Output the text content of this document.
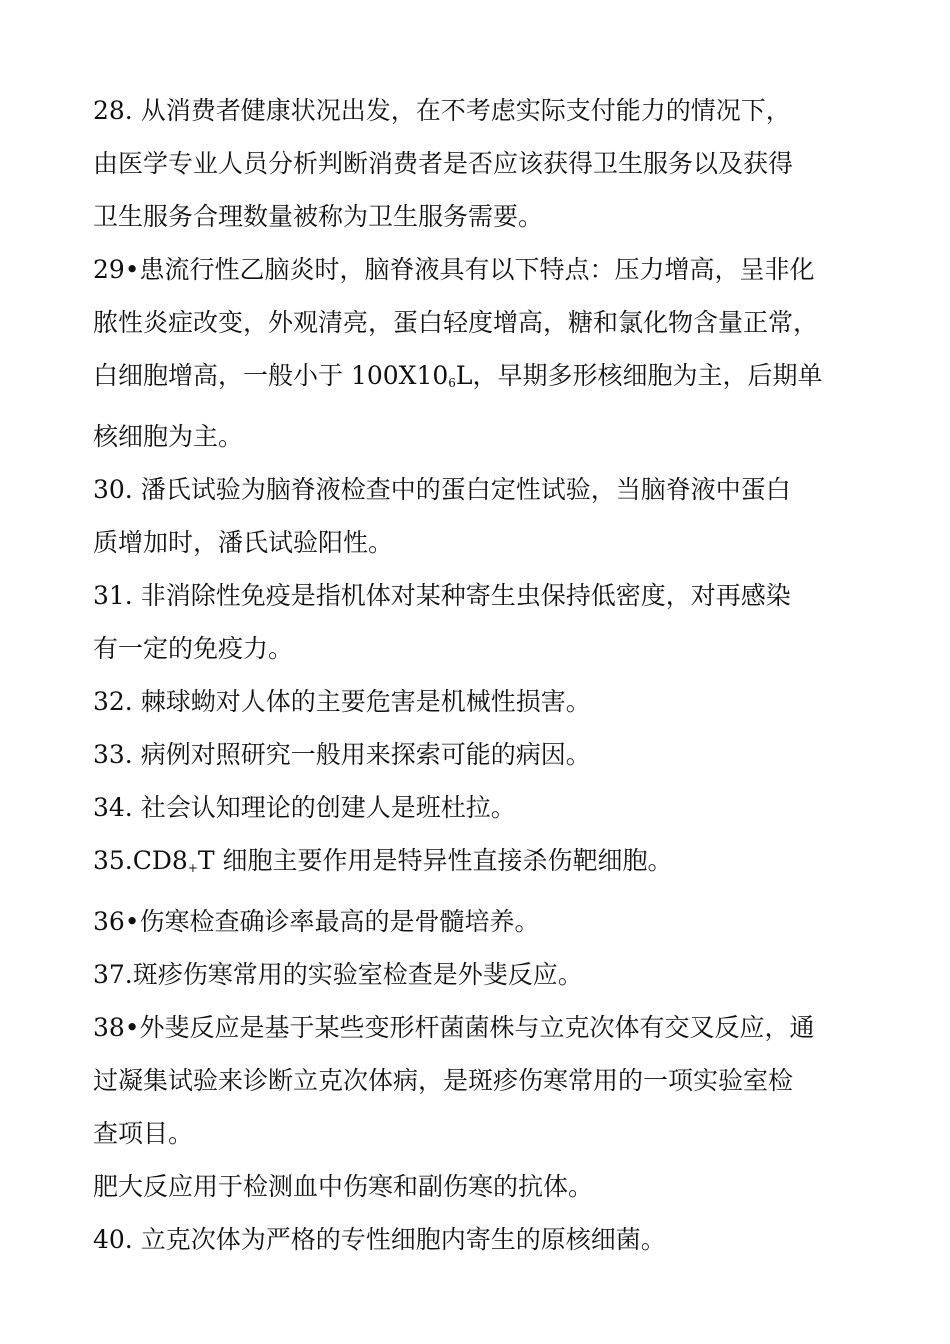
28. 从消费者健康状况出发，在不考虑实际支付能力的情况下，
由医学专业人员分析判断消费者是否应该获得卫生服务以及获得
卫生服务合理数量被称为卫生服务需要。

29•患流行性乙脑炎时，脑脊液具有以下特点：压力增高，呈非化
脓性炎症改变，外观清亮，蛋白轻度增高，糖和氯化物含量正常，
白细胞增高，一般小于 $100X10_6L$，早期多形核细胞为主，后期单
核细胞为主。

30. 潘氏试验为脑脊液检查中的蛋白定性试验，当脑脊液中蛋白
质增加时，潘氏试验阳性。

31. 非消除性免疫是指机体对某种寄生虫保持低密度，对再感染
有一定的免疫力。

32. 棘球蚴对人体的主要危害是机械性损害。

33. 病例对照研究一般用来探索可能的病因。

34. 社会认知理论的创建人是班杜拉。

$35.CD8_+T$ 细胞主要作用是特异性直接杀伤靶细胞。

36•伤寒检查确诊率最高的是骨髓培养。

37.斑疹伤寒常用的实验室检查是外斐反应。

38•外斐反应是基于某些变形杆菌菌株与立克次体有交叉反应，通
过凝集试验来诊断立克次体病，是斑疹伤寒常用的一项实验室检
查项目。

肥大反应用于检测血中伤寒和副伤寒的抗体。

40. 立克次体为严格的专性细胞内寄生的原核细菌。
